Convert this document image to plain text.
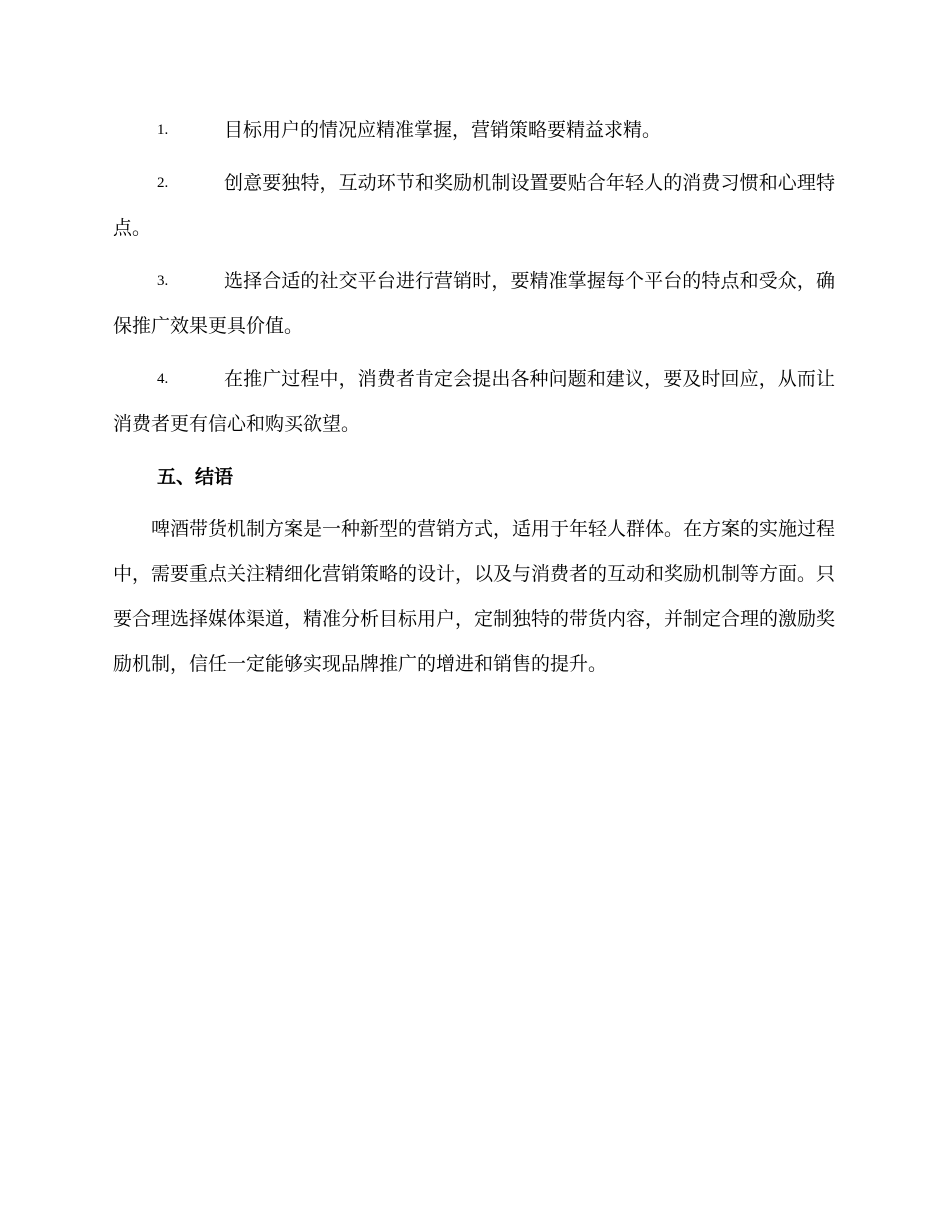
1.	目标用户的情况应精准掌握，营销策略要精益求精。
2.	创意要独特，互动环节和奖励机制设置要贴合年轻人的消费习惯和心理特点。
3.	选择合适的社交平台进行营销时，要精准掌握每个平台的特点和受众，确保推广效果更具价值。
4.	在推广过程中，消费者肯定会提出各种问题和建议，要及时回应，从而让消费者更有信心和购买欲望。
五、结语

啤酒带货机制方案是一种新型的营销方式，适用于年轻人群体。在方案的实施过程中，需要重点关注精细化营销策略的设计，以及与消费者的互动和奖励机制等方面。只要合理选择媒体渠道，精准分析目标用户，定制独特的带货内容，并制定合理的激励奖励机制，信任一定能够实现品牌推广的增进和销售的提升。
